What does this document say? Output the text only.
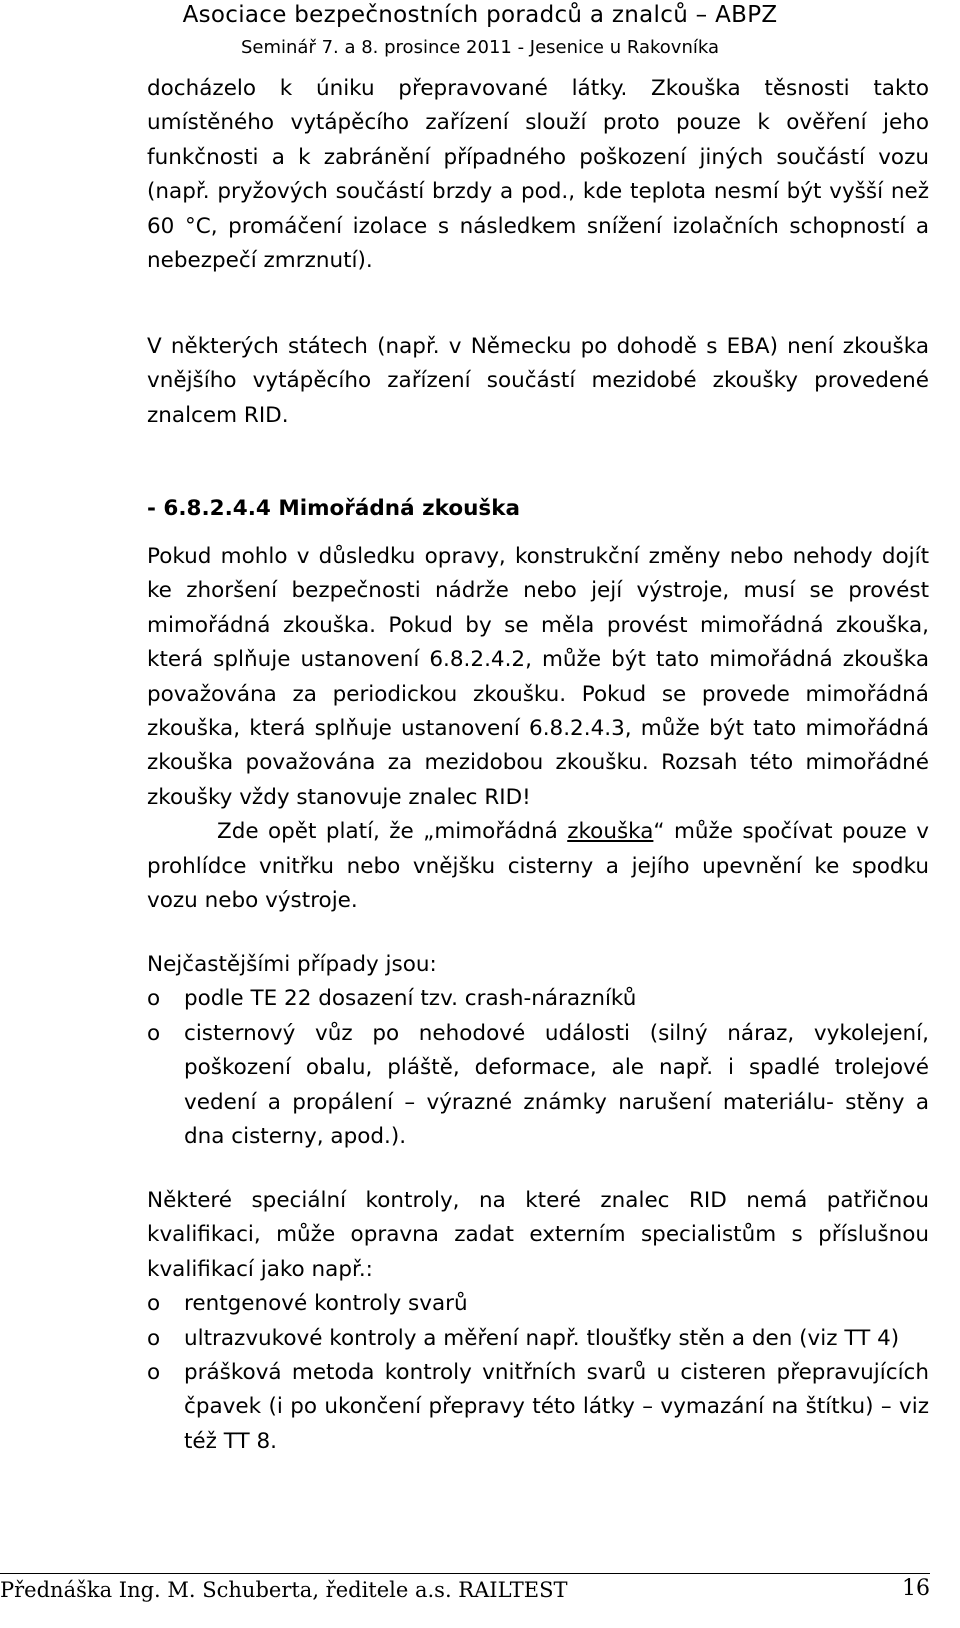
Asociace bezpečnostních poradců a znalců – ABPZ
Seminář 7. a 8. prosince 2011 - Jesenice u Rakovníka

docházelo k úniku přepravované látky. Zkouška těsnosti takto umístěného vytápěcího zařízení slouží proto pouze k ověření jeho funkčnosti a k zabránění případného poškození jiných součástí vozu (např. pryžových součástí brzdy a pod., kde teplota nesmí být vyšší než 60 °C, promáčení izolace s následkem snížení izolačních schopností a nebezpečí zmrznutí).

V některých státech (např. v Německu po dohodě s EBA) není zkouška vnějšího vytápěcího zařízení součástí mezidobé zkoušky provedené znalcem RID.

- 6.8.2.4.4 Mimořádná zkouška

Pokud mohlo v důsledku opravy, konstrukční změny nebo nehody dojít ke zhoršení bezpečnosti nádrže nebo její výstroje, musí se provést mimořádná zkouška. Pokud by se měla provést mimořádná zkouška, která splňuje ustanovení 6.8.2.4.2, může být tato mimořádná zkouška považována za periodickou zkoušku. Pokud se provede mimořádná zkouška, která splňuje ustanovení 6.8.2.4.3, může být tato mimořádná zkouška považována za mezidobou zkoušku. Rozsah této mimořádné zkoušky vždy stanovuje znalec RID!

Zde opět platí, že „mimořádná zkouška“ může spočívat pouze v prohlídce vnitřku nebo vnějšku cisterny a jejího upevnění ke spodku vozu nebo výstroje.

Nejčastějšími případy jsou:

o podle TE 22 dosazení tzv. crash-nárazníků
o cisternový vůz po nehodové události (silný náraz, vykolejení, poškození obalu, pláště, deformace, ale např. i spadlé trolejové vedení a propálení – výrazné známky narušení materiálu- stěny a dna cisterny, apod.).

Některé speciální kontroly, na které znalec RID nemá patřičnou kvalifikaci, může opravna zadat externím specialistům s příslušnou kvalifikací jako např.:

o rentgenové kontroly svarů
o ultrazvukové kontroly a měření např. tloušťky stěn a den (viz TT 4)
o prášková metoda kontroly vnitřních svarů u cisteren přepravujících čpavek (i po ukončení přepravy této látky – vymazání na štítku) – viz též TT 8.
Přednáška Ing. M. Schuberta, ředitele a.s. RAILTEST	16
